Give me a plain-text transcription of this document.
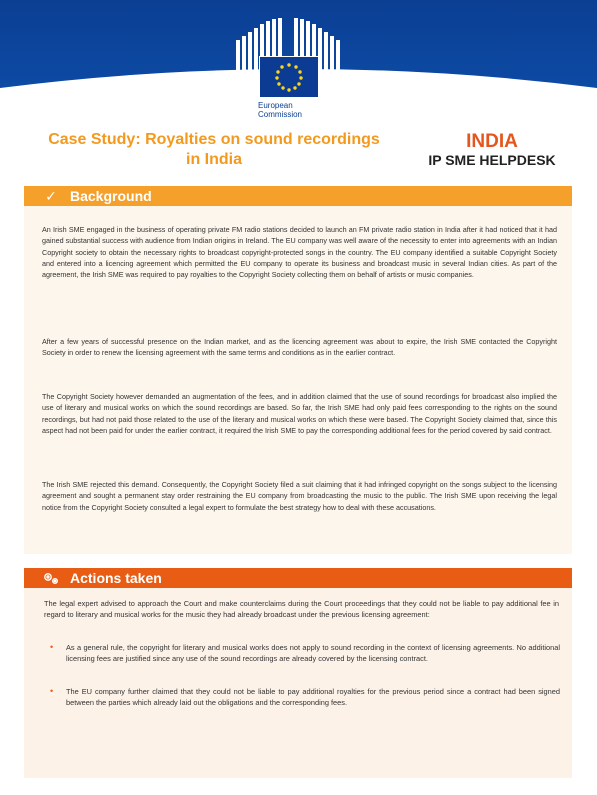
European
Commission
Case Study: Royalties on sound recordings
in India
INDIA
IP SME HELPDESK
✓ Background
An Irish SME engaged in the business of operating private FM radio stations decided to launch an FM private radio station in India after it had noticed that it had gained substantial success with audience from Indian origins in Ireland. The EU company was well aware of the necessity to enter into agreements with an Indian Copyright society to obtain the necessary rights to broadcast copyright-protected songs in the country. The EU company identified a suitable Copyright Society and entered into a licencing agreement which permitted the EU company to operate its business and broadcast music in several Indian cities. As part of the agreement, the Irish SME was required to pay royalties to the Copyright Society collecting them on behalf of artists or music companies.
After a few years of successful presence on the Indian market, and as the licencing agreement was about to expire, the Irish SME contacted the Copyright Society in order to renew the licensing agreement with the same terms and conditions as in the earlier contract.
The Copyright Society however demanded an augmentation of the fees, and in addition claimed that the use of sound recordings for broadcast also implied the use of literary and musical works on which the sound recordings are based. So far, the Irish SME had only paid fees corresponding to the rights on the sound recordings, but had not paid those related to the use of the literary and musical works on which these were based. The Copyright Society claimed that, since this aspect had not been paid for under the earlier contract, it required the Irish SME to pay the corresponding additional fees for the period covered by said contract.
The Irish SME rejected this demand. Consequently, the Copyright Society filed a suit claiming that it had infringed copyright on the songs subject to the licensing agreement and sought a permanent stay order restraining the EU company from broadcasting the music to the public. The Irish SME upon receiving the legal notice from the Copyright Society consulted a legal expert to formulate the best strategy how to deal with these accusations.
Actions taken
The legal expert advised to approach the Court and make counterclaims during the Court proceedings that they could not be liable to pay additional fee in regard to literary and musical works for the music they had already broadcast under the previous licensing agreement:
• As a general rule, the copyright for literary and musical works does not apply to sound recording in the context of licensing agreements. No additional licensing fees are justified since any use of the sound recordings are already covered by the licensing contract.
• The EU company further claimed that they could not be liable to pay additional royalties for the previous period since a contract had been signed between the parties which already laid out the obligations and the corresponding fees.
